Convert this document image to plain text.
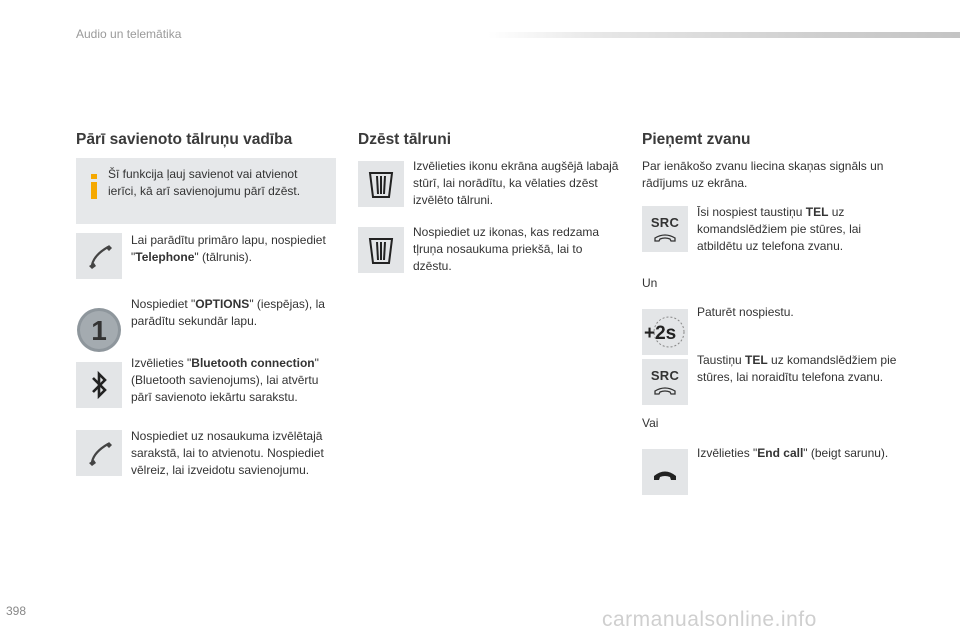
Audio un telemātika
Pārī savienoto tālruņu vadība
Šī funkcija ļauj savienot vai atvienot ierīci, kā arī savienojumu pārī dzēst.
Lai parādītu primāro lapu, nospiediet "Telephone" (tālrunis).
1
Nospiediet "OPTIONS" (iespējas), la parādītu sekundār lapu.
Izvēlieties "Bluetooth connection" (Bluetooth savienojums), lai atvērtu pārī savienoto iekārtu sarakstu.
Nospiediet uz nosaukuma izvēlētajā sarakstā, lai to atvienotu. Nospiediet vēlreiz, lai izveidotu savienojumu.
Dzēst tālruni
Izvēlieties ikonu ekrāna augšējā labajā stūrī, lai norādītu, ka vēlaties dzēst izvēlēto tālruni.
Nospiediet uz ikonas, kas redzama tļruņa nosaukuma priekšā, lai to dzēstu.
Pieņemt zvanu
Par ienākošo zvanu liecina skaņas signāls un rādījums uz ekrāna.
SRC
Īsi nospiest taustiņu TEL uz komandslēdžiem pie stūres, lai atbildētu uz telefona zvanu.
Un
+2s
Paturēt nospiestu.
SRC
Taustiņu TEL uz komandslēdžiem pie stūres, lai noraidītu telefona zvanu.
Vai
Izvēlieties "End call" (beigt sarunu).
398	carmanualsonline.info
